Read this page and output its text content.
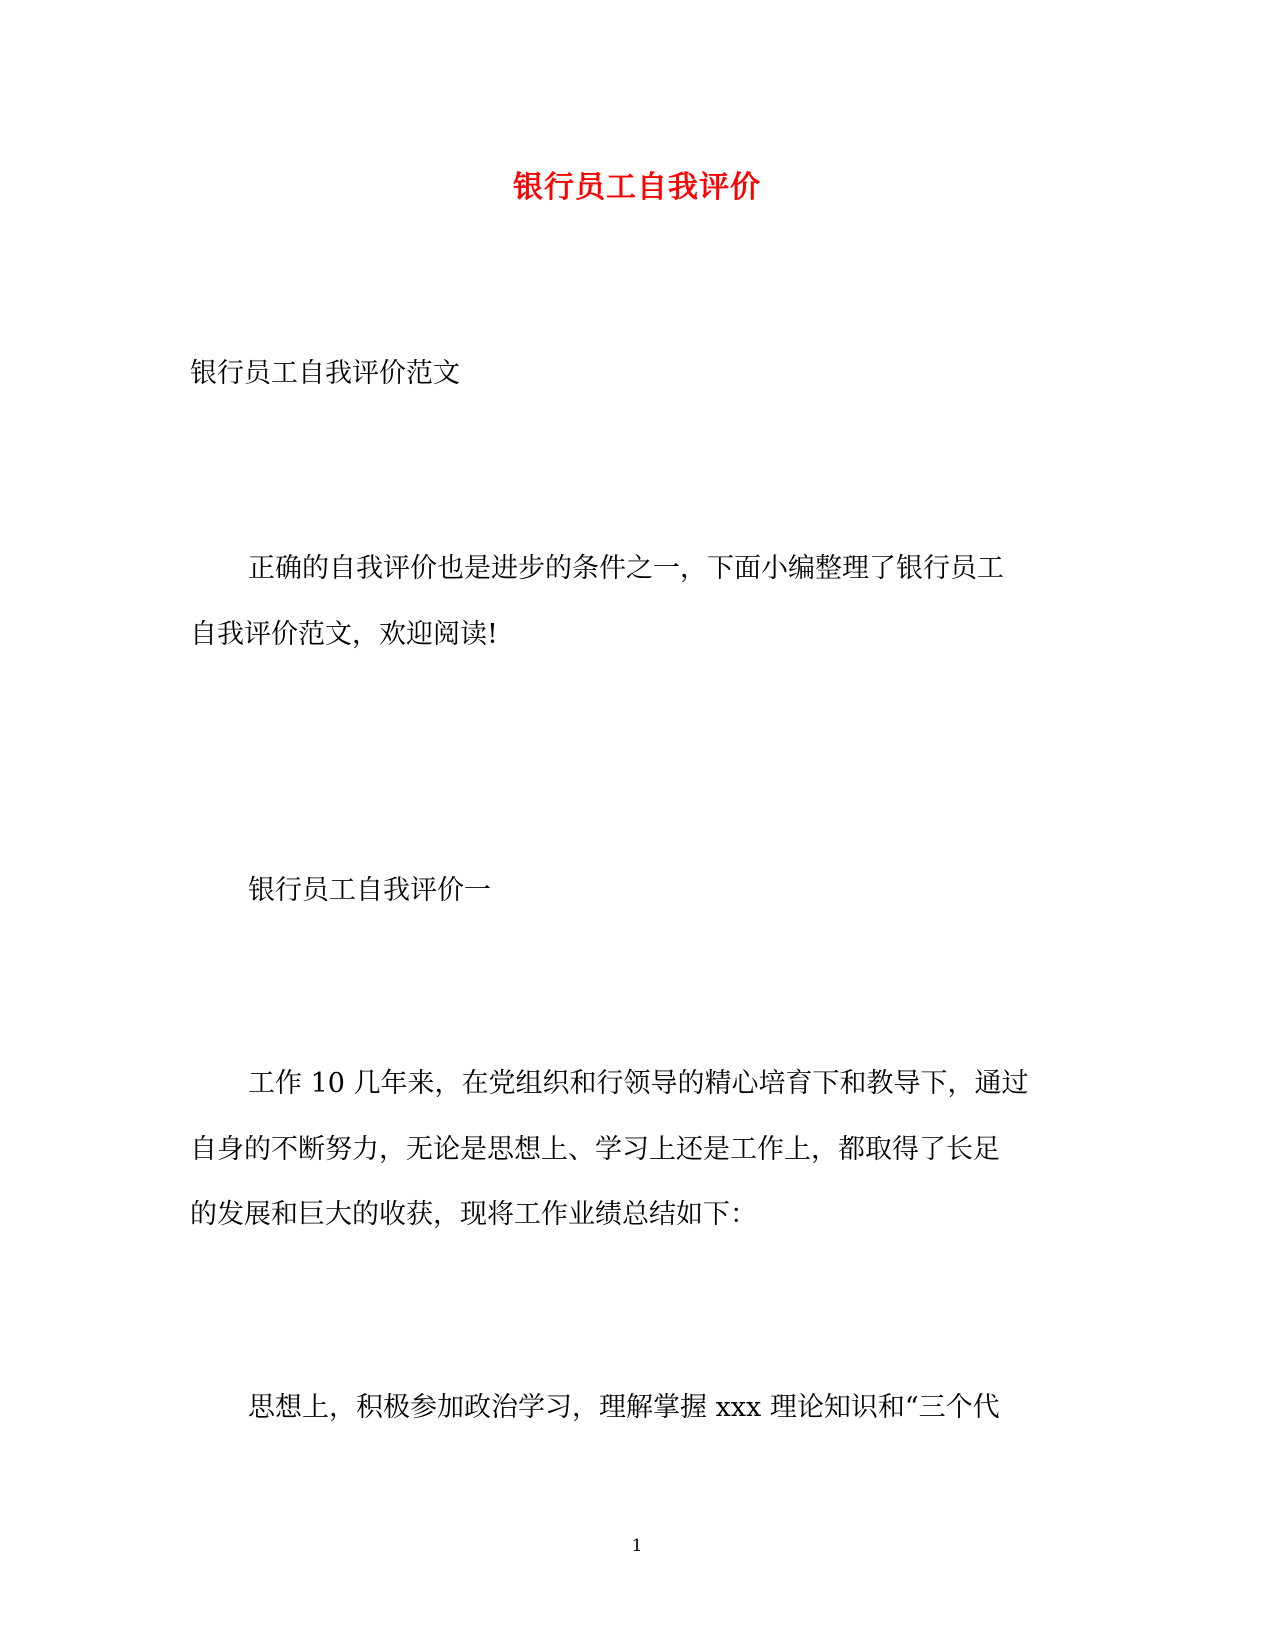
银行员工自我评价
银行员工自我评价范文
正确的自我评价也是进步的条件之一，下面小编整理了银行员工
自我评价范文，欢迎阅读!
银行员工自我评价一
工作 10 几年来，在党组织和行领导的精心培育下和教导下，通过
自身的不断努力，无论是思想上、学习上还是工作上，都取得了长足
的发展和巨大的收获，现将工作业绩总结如下：
思想上，积极参加政治学习，理解掌握 xxx 理论知识和“三个代
1
